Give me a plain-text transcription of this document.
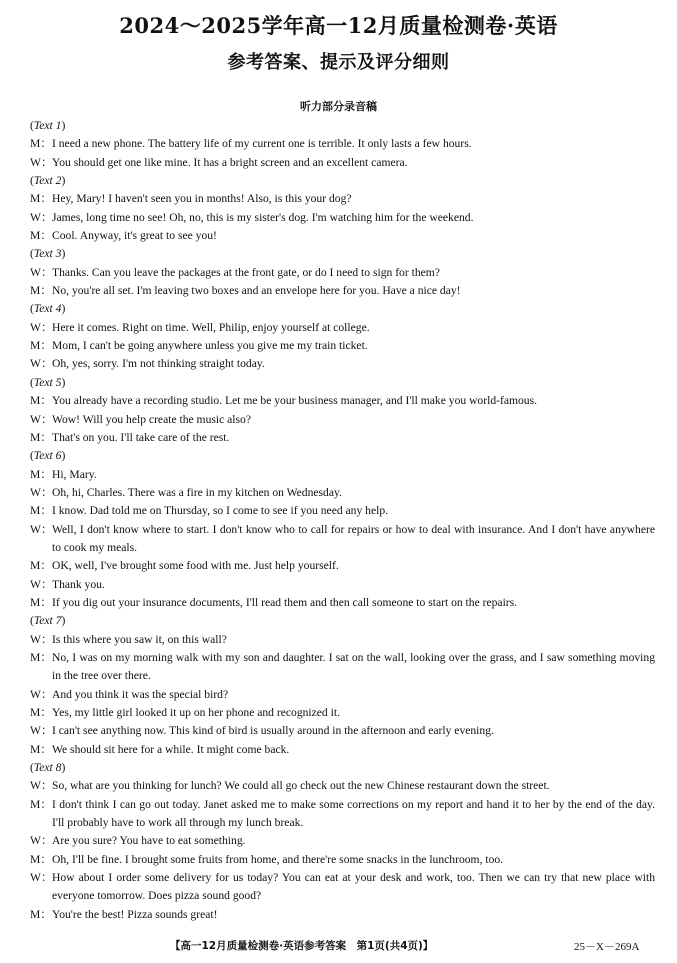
2024～2025学年高一12月质量检测卷·英语
参考答案、提示及评分细则
听力部分录音稿
(Text 1)
M： I need a new phone. The battery life of my current one is terrible. It only lasts a few hours.
W： You should get one like mine. It has a bright screen and an excellent camera.
(Text 2)
M： Hey, Mary! I haven't seen you in months! Also, is this your dog?
W： James, long time no see! Oh, no, this is my sister's dog. I'm watching him for the weekend.
M： Cool. Anyway, it's great to see you!
(Text 3)
W： Thanks. Can you leave the packages at the front gate, or do I need to sign for them?
M： No, you're all set. I'm leaving two boxes and an envelope here for you. Have a nice day!
(Text 4)
W： Here it comes. Right on time. Well, Philip, enjoy yourself at college.
M： Mom, I can't be going anywhere unless you give me my train ticket.
W： Oh, yes, sorry. I'm not thinking straight today.
(Text 5)
M： You already have a recording studio. Let me be your business manager, and I'll make you world-famous.
W： Wow! Will you help create the music also?
M： That's on you. I'll take care of the rest.
(Text 6)
M： Hi, Mary.
W： Oh, hi, Charles. There was a fire in my kitchen on Wednesday.
M： I know. Dad told me on Thursday, so I come to see if you need any help.
W： Well, I don't know where to start. I don't know who to call for repairs or how to deal with insurance. And I don't have anywhere to cook my meals.
M： OK, well, I've brought some food with me. Just help yourself.
W： Thank you.
M： If you dig out your insurance documents, I'll read them and then call someone to start on the repairs.
(Text 7)
W： Is this where you saw it, on this wall?
M： No, I was on my morning walk with my son and daughter. I sat on the wall, looking over the grass, and I saw something moving in the tree over there.
W： And you think it was the special bird?
M： Yes, my little girl looked it up on her phone and recognized it.
W： I can't see anything now. This kind of bird is usually around in the afternoon and early evening.
M： We should sit here for a while. It might come back.
(Text 8)
W： So, what are you thinking for lunch? We could all go check out the new Chinese restaurant down the street.
M： I don't think I can go out today. Janet asked me to make some corrections on my report and hand it to her by the end of the day. I'll probably have to work all through my lunch break.
W： Are you sure? You have to eat something.
M： Oh, I'll be fine. I brought some fruits from home, and there're some snacks in the lunchroom, too.
W： How about I order some delivery for us today? You can eat at your desk and work, too. Then we can try that new place with everyone tomorrow. Does pizza sound good?
M： You're the best! Pizza sounds great!
【高一12月质量检测卷·英语参考答案　第1页(共4页)】	25－X－269A
